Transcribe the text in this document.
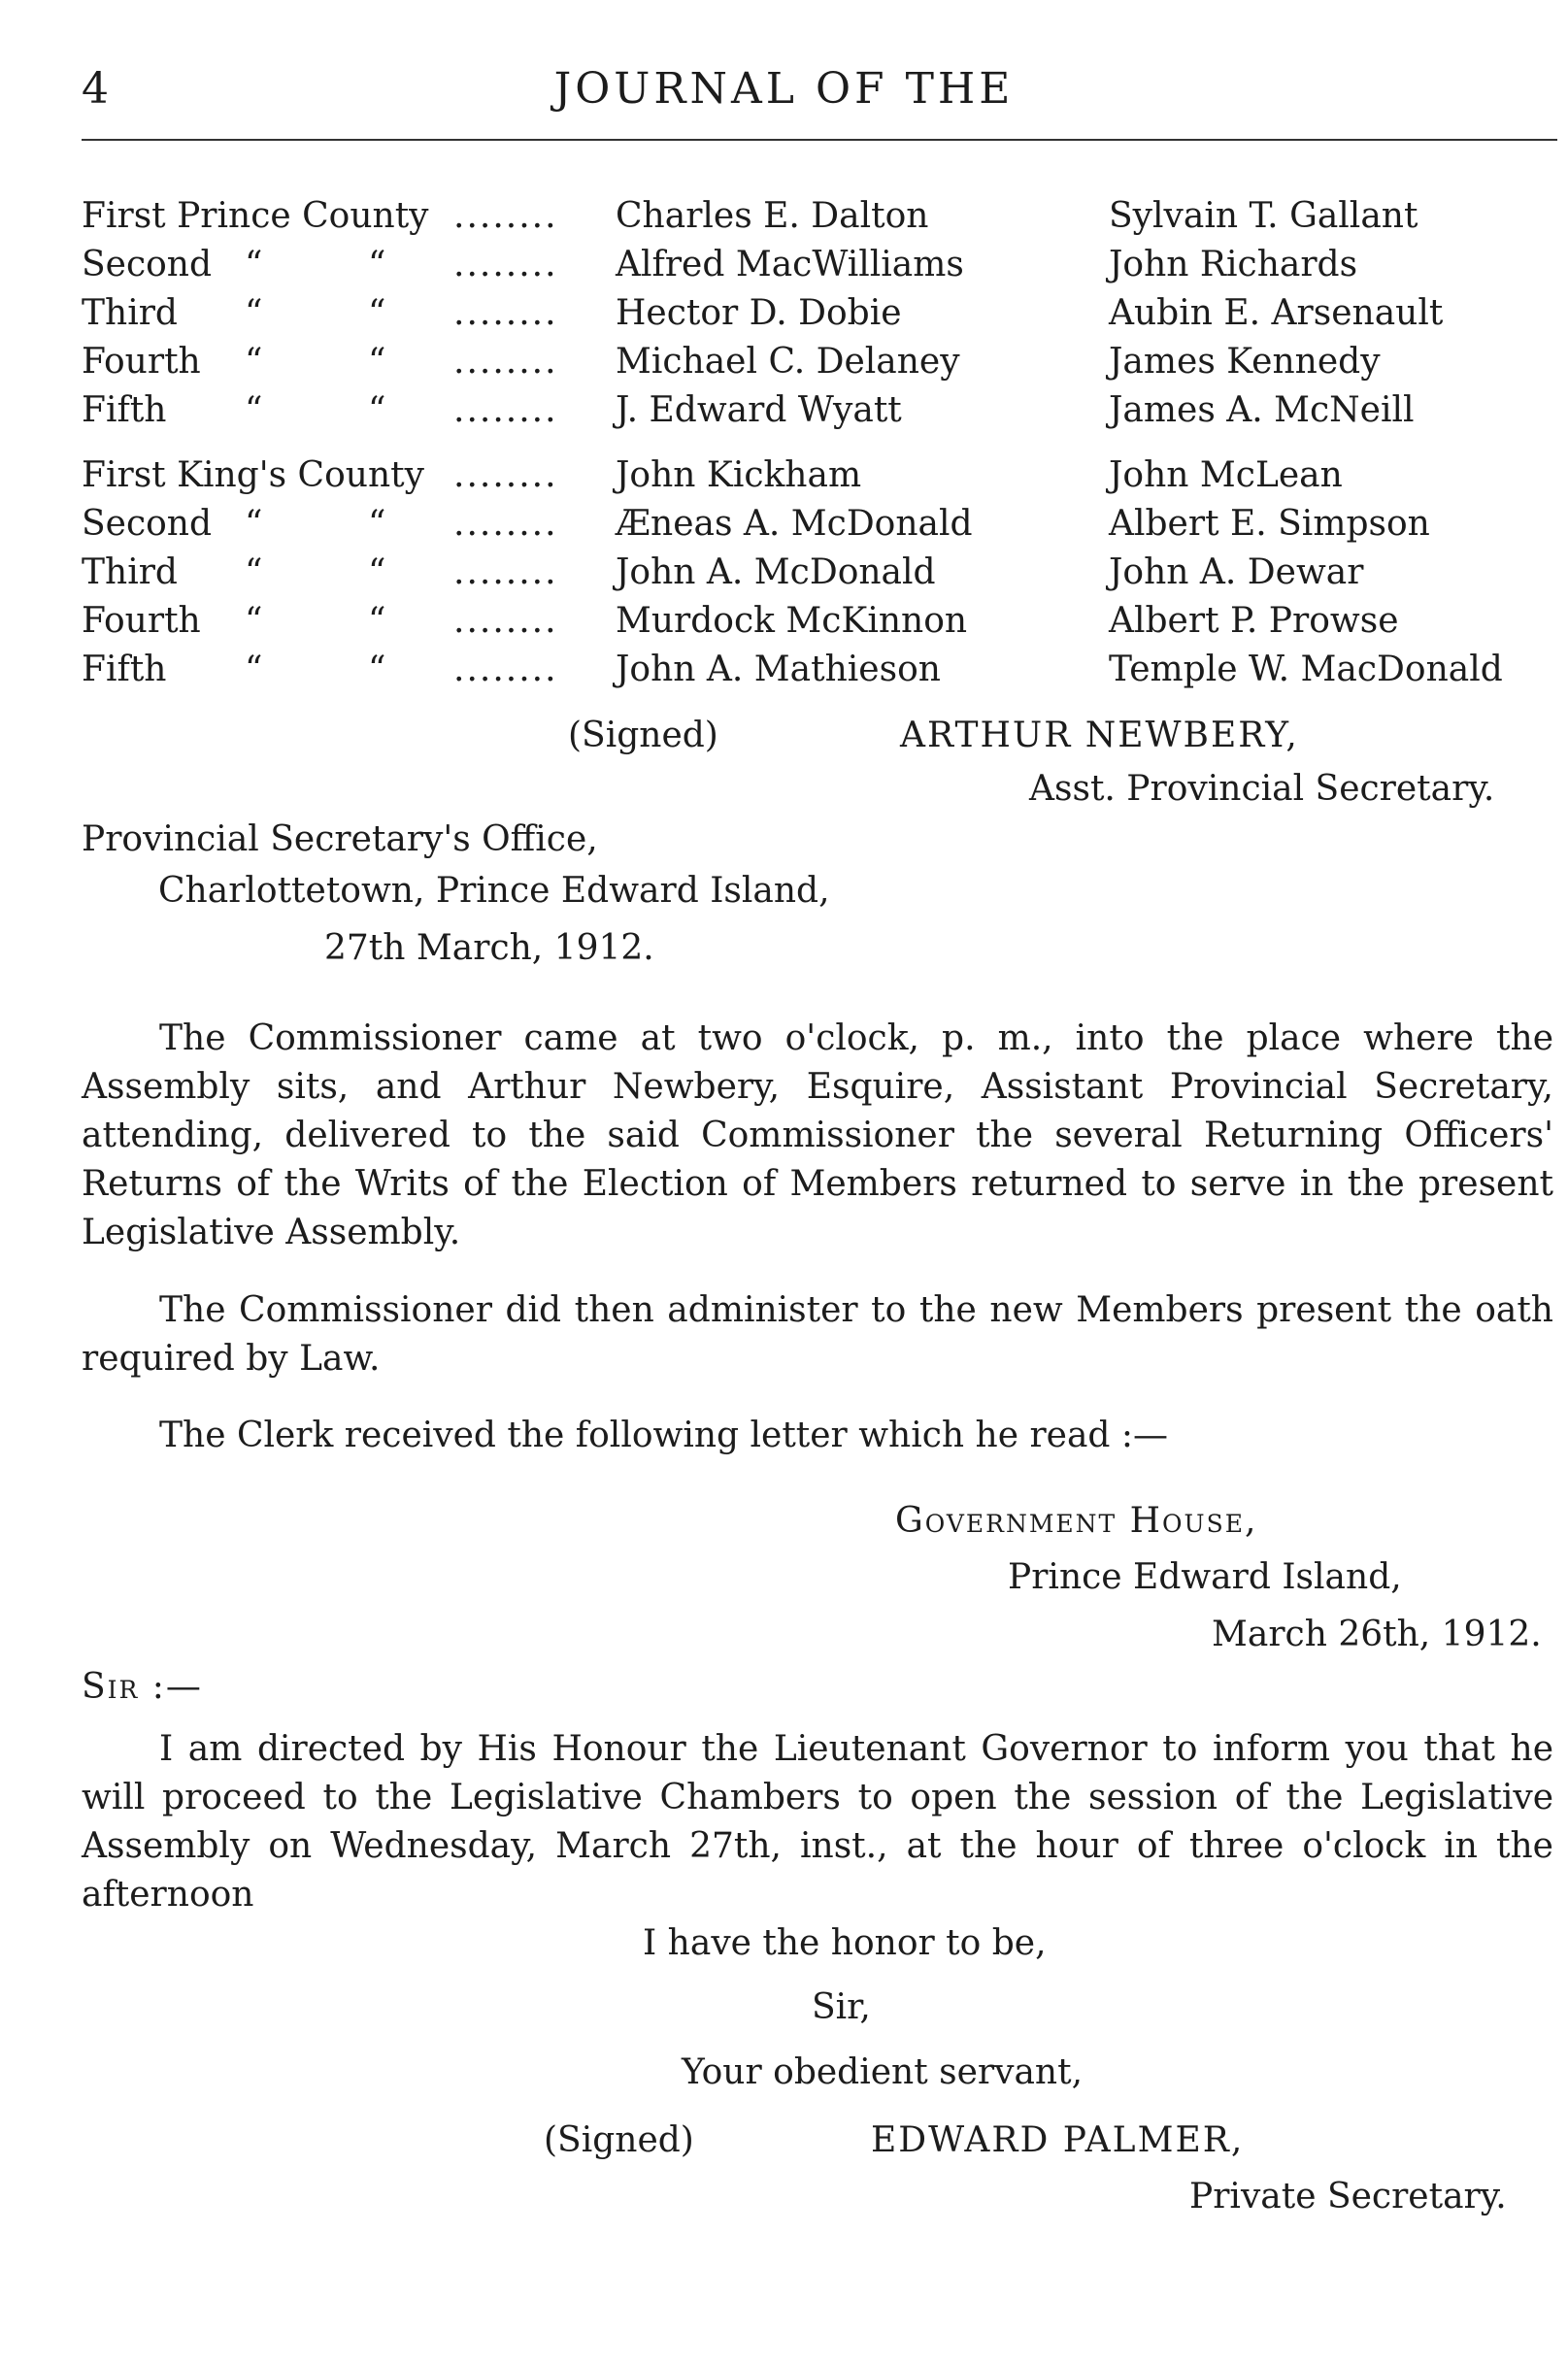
4	JOURNAL OF THE
First Prince County ........ Charles E. Dalton	Sylvain T. Gallant
Second “	“ ........ Alfred MacWilliams	John Richards
Third “	“ ........ Hector D. Dobie	Aubin E. Arsenault
Fourth “	“ ........ Michael C. Delaney	James Kennedy
Fifth “	“ ........ J. Edward Wyatt	James A. McNeill
First King's County ........ John Kickham	John McLean
Second “	“ ........ Æneas A. McDonald	Albert E. Simpson
Third “	“ ........ John A. McDonald	John A. Dewar
Fourth “	“ ........ Murdock McKinnon	Albert P. Prowse
Fifth “	“ ........ John A. Mathieson	Temple W. MacDonald
(Signed)	ARTHUR NEWBERY,
Asst. Provincial Secretary.
Provincial Secretary's Office,
Charlottetown, Prince Edward Island,
27th March, 1912.
The Commissioner came at two o'clock, p. m., into the place where the Assembly sits, and Arthur Newbery, Esquire, Assistant Provincial Secretary, attending, delivered to the said Commissioner the several Returning Officers' Returns of the Writs of the Election of Members returned to serve in the present Legislative Assembly.
The Commissioner did then administer to the new Members present the oath required by Law.
The Clerk received the following letter which he read :—
Government House,
Prince Edward Island,
March 26th, 1912.
Sir :—
I am directed by His Honour the Lieutenant Governor to inform you that he will proceed to the Legislative Chambers to open the session of the Legislative Assembly on Wednesday, March 27th, inst., at the hour of three o'clock in the afternoon
I have the honor to be,
Sir,
Your obedient servant,
(Signed)	EDWARD PALMER,
Private Secretary.
